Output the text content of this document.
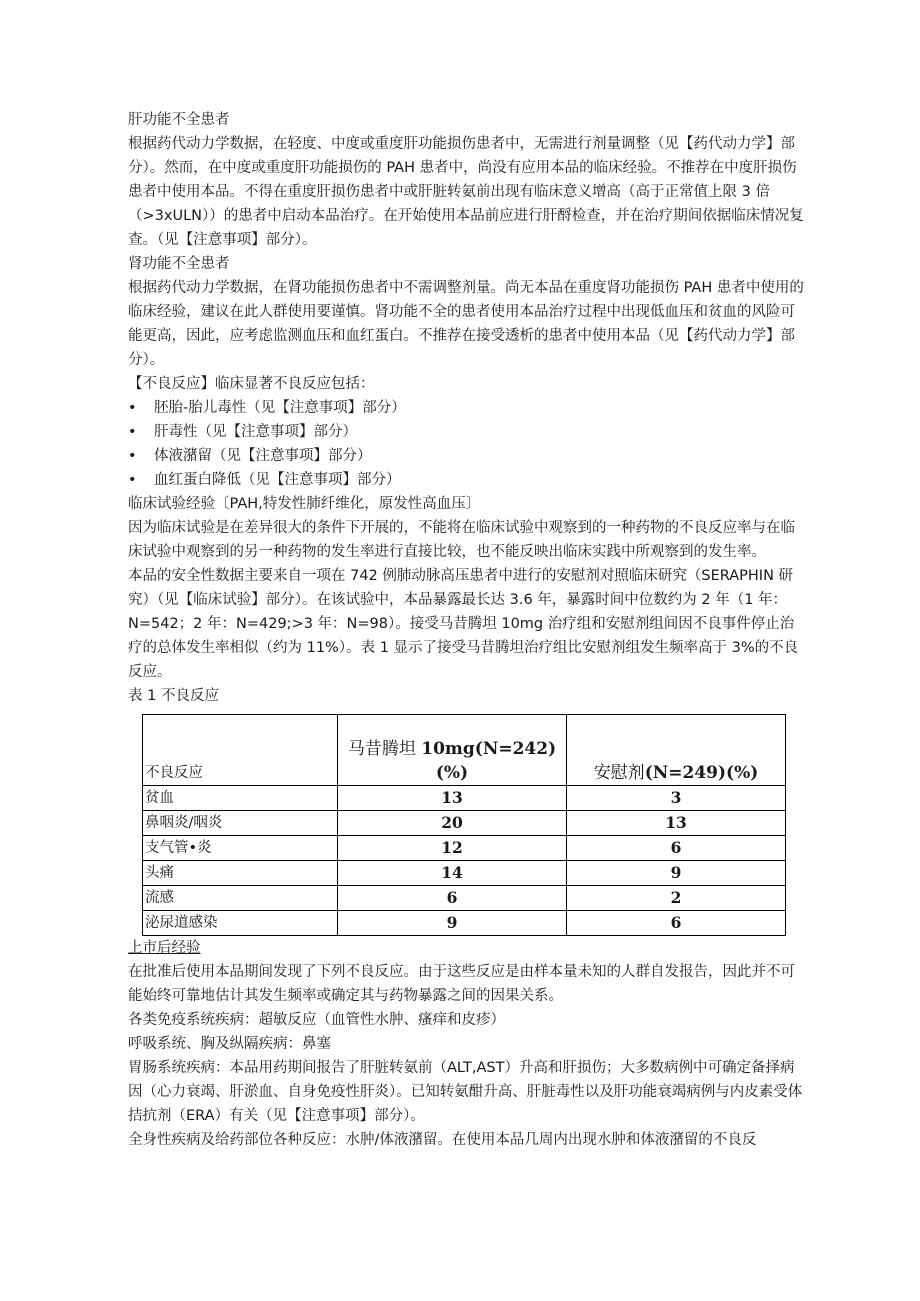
肝功能不全患者

根据药代动力学数据，在轻度、中度或重度肝功能损伤患者中，无需进行剂量调整（见【药代动力学】部分）。然而，在中度或重度肝功能损伤的 PAH 患者中，尚没有应用本品的临床经验。不推荐在中度肝损伤患者中使用本品。不得在重度肝损伤患者中或肝脏转氨前出现有临床意义增高（高于正常值上限 3 倍（>3xULN））的患者中启动本品治疗。在开始使用本品前应进行肝酹检查，并在治疗期间依据临床情况复查。（见【注意事项】部分）。

肾功能不全患者

根据药代动力学数据，在肾功能损伤患者中不需调整剂量。尚无本品在重度肾功能损伤 PAH 患者中使用的临床经验，建议在此人群使用要谨慎。肾功能不全的患者使用本品治疗过程中出现低血压和贫血的风险可能更高，因此，应考虑监测血压和血红蛋白。不推荐在接受透析的患者中使用本品（见【药代动力学】部分）。

【不良反应】临床显著不良反应包括：

•	胚胎-胎儿毒性（见【注意事项】部分）
•	肝毒性（见【注意事项】部分）
•	体液潴留（见【注意事项】部分）
•	血红蛋白降低（见【注意事项】部分）

临床试验经验〔PAH,特发性肺纤维化，原发性高血压〕

因为临床试验是在差异很大的条件下开展的，不能将在临床试验中观察到的一种药物的不良反应率与在临床试验中观察到的另一种药物的发生率进行直接比较，也不能反映出临床实践中所观察到的发生率。

本品的安全性数据主要来自一项在 742 例肺动脉高压患者中进行的安慰剂对照临床研究（SERAPHIN 研究）（见【临床试验】部分）。在该试验中，本品暴露最长达 3.6 年，暴露时间中位数约为 2 年（1 年：N=542；2 年：N=429;>3 年：N=98）。接受马昔腾坦 10mg 治疗组和安慰剂组间因不良事件停止治疗的总体发生率相似（约为 11%）。表 1 显示了接受马昔腾坦治疗组比安慰剂组发生频率高于 3%的不良反应。

表 1 不良反应

不良反应	马昔腾坦 10mg(N=242)(%)	安慰剂(N=249)(%)
贫血	13	3
鼻咽炎/咽炎	20	13
支气管•炎	12	6
头痛	14	9
流感	6	2
泌尿道感染	9	6

上市后经验

在批准后使用本品期间发现了下列不良反应。由于这些反应是由样本量未知的人群自发报告，因此并不可能始终可靠地估计其发生频率或确定其与药物暴露之间的因果关系。

各类免疫系统疾病：超敏反应（血管性水肿、瘙痒和皮疹）

呼吸系统、胸及纵隔疾病：鼻塞

胃肠系统疾病：本品用药期间报告了肝脏转氨前（ALT,AST）升高和肝损伤；大多数病例中可确定备择病因（心力衰竭、肝淤血、自身免疫性肝炎）。已知转氨酣升高、肝脏毒性以及肝功能衰竭病例与内皮素受体拮抗剂（ERA）有关（见【注意事项】部分）。

全身性疾病及给药部位各种反应：水肿/体液潴留。在使用本品几周内出现水肿和体液潴留的不良反
